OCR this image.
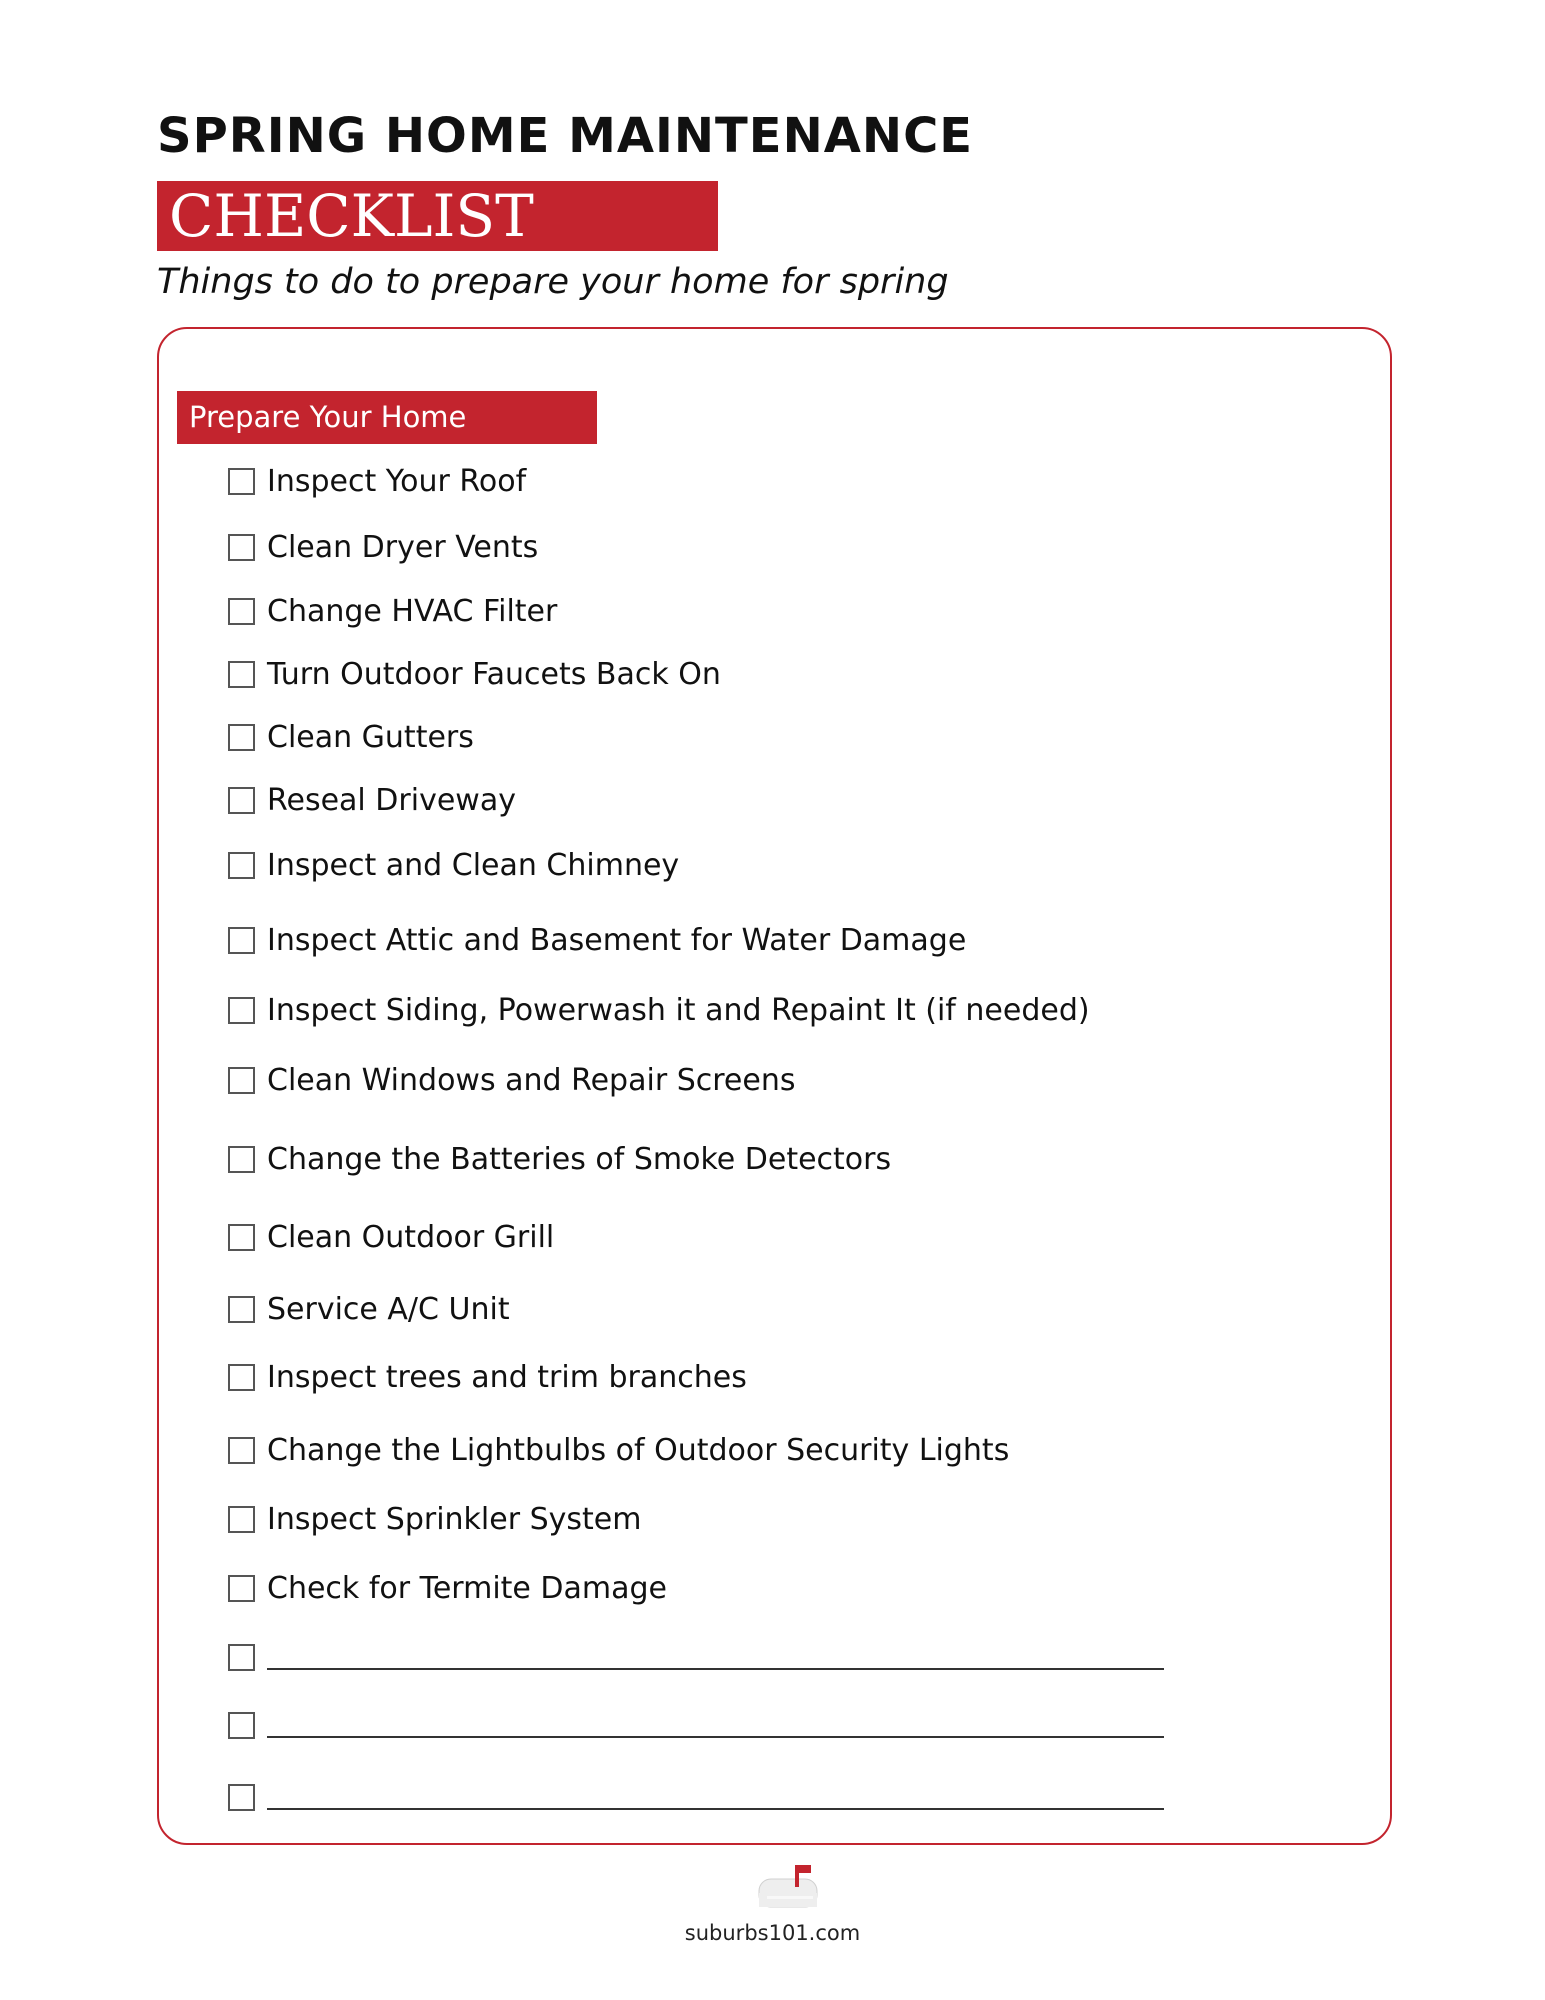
SPRING HOME MAINTENANCE
CHECKLIST
Things to do to prepare your home for spring
Prepare Your Home
Inspect Your Roof
Clean Dryer Vents
Change HVAC Filter
Turn Outdoor Faucets Back On
Clean Gutters
Reseal Driveway
Inspect and Clean Chimney
Inspect Attic and Basement for Water Damage
Inspect Siding, Powerwash it and Repaint It (if needed)
Clean Windows and Repair Screens
Change the Batteries of Smoke Detectors
Clean Outdoor Grill
Service A/C Unit
Inspect trees and trim branches
Change the Lightbulbs of Outdoor Security Lights
Inspect Sprinkler System
Check for Termite Damage
suburbs101.com
